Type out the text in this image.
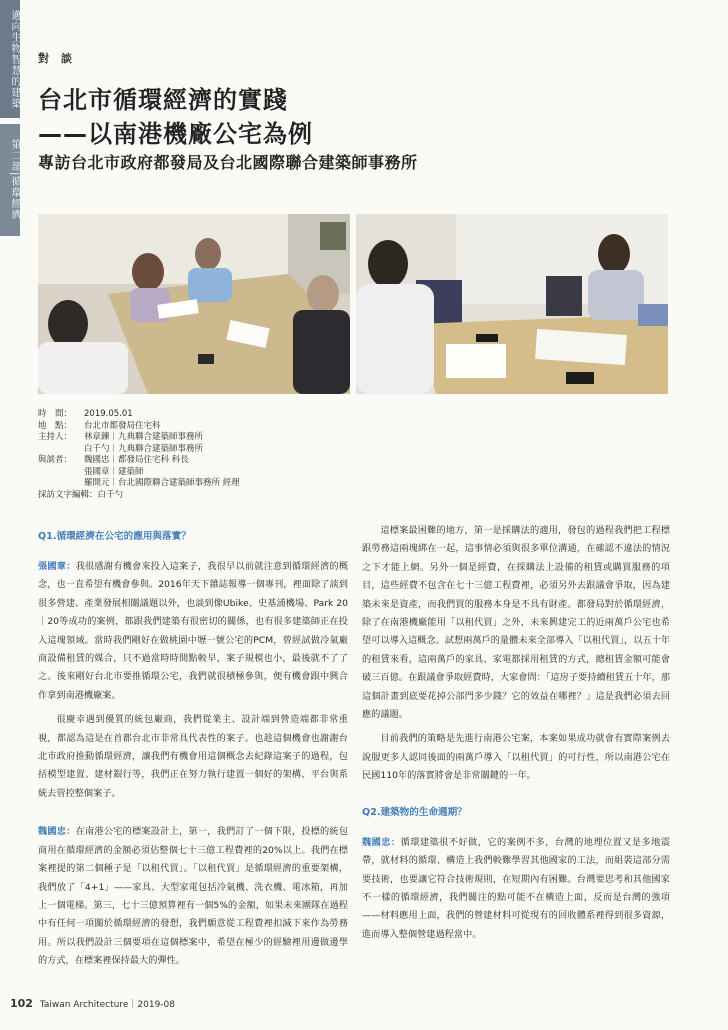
邁向生物智慧的建築
第二部|循環經濟
對 談
台北市循環經濟的實踐
——以南港機廠公宅為例
專訪台北市政府都發局及台北國際聯合建築師事務所
時　間： 2019.05.01
地　點： 台北市都發局住宅科
主持人： 林章鍊｜九典聯合建築師事務所
白千勺｜九典聯合建築師事務所
與談者： 魏國忠｜都發局住宅科 科長
張國章｜建築師
羅開元｜台北國際聯合建築師事務所 經理
採訪文字編輯：白千勺
Q1.循環經濟在公宅的應用與落實？

張國章：我很感謝有機會來投入這案子，我很早以前就注意到循環經濟的概念，也一直希望有機會參與。2016年天下雜誌報導一個專刊，裡面除了談到很多營建、產業發展相關議題以外，也談到像Ubike、史基浦機場、Park 20｜20等成功的案例，都跟我們建築有很密切的關係，也有很多建築師正在投入這塊領域。當時我們剛好在做桃園中壢一號公宅的PCM，曾經試做冷氣廠商設備租賃的媒合，只不過當時時間點較早，案子規模也小，最後就不了了之。後來剛好台北市要推循環公宅，我們就很積極參與，便有機會跟中興合作拿到南港機廠案。

很慶幸遇到優質的統包廠商，我們從業主、設計端到營造端都非常重視，都認為這是在首都台北市非常具代表性的案子。也趁這個機會也謝謝台北市政府推動循環經濟，讓我們有機會用這個概念去紀錄這案子的過程，包括模型建置、建材銀行等，我們正在努力執行建置一個好的架構、平台與系統去管控整個案子。

魏國忠：在南港公宅的標案設計上，第一，我們訂了一個下限，投標的統包商用在循環經濟的金額必須佔整個七十三億工程費裡的20%以上。我們在標案裡提的第二個種子是「以租代買」。「以租代買」是循環經濟的重要架構，我們放了「4+1」——家具、大型家電包括冷氣機、洗衣機、電冰箱，再加上一個電梯。第三，七十三億預算裡有一個5%的金額，如果未來團隊在過程中有任何一項關於循環經濟的發想，我們願意從工程費裡扣減下來作為勞務用。所以我們設計三個要項在這個標案中，希望在極少的經驗裡用邊做邊學的方式，在標案裡保持最大的彈性。

這標案最困難的地方，第一是採購法的適用，發包的過程我們把工程標跟勞務這兩塊綁在一起，這事情必須與很多單位溝通，在確認不違法的情況之下才能上網。另外一個是經費，在採購法上設備的租賃或購買服務的項目，這些經費不包含在七十三億工程費裡，必須另外去跟議會爭取，因為建築未來是資產，而我們買的服務本身是不具有財產。都發局對於循環經濟，除了在南港機廠能用「以租代買」之外，未來興建完工的近兩萬戶公宅也希望可以導入這概念。試想兩萬戶的量體未來全部導入「以租代買」，以五十年的租賃來看，這兩萬戶的家具、家電都採用租賃的方式，總租賃金額可能會破三百億。在跟議會爭取經費時，大家會問：「這房子要持續租賃五十年，那這個計畫到底要花掉公部門多少錢？它的效益在哪裡？」這是我們必須去回應的議題。

目前我們的策略是先進行南港公宅案，本案如果成功就會有實際案例去說服更多人認同後面的兩萬戶導入「以租代買」的可行性，所以南港公宅在民國110年的落實將會是非常關鍵的一年。

Q2.建築物的生命週期？

魏國忠：循環建築很不好做，它的案例不多，台灣的地理位置又是多地震帶，就材料的循環、構造上我們較難學習其他國家的工法，而組裝這部分需要技術，也要讓它符合技術規則，在短期內有困難。台灣要思考和其他國家不一樣的循環經濟，我們關注的點可能不在構造上面，反而是台灣的強項——材料應用上面，我們的營建材料可從現有的回收體系裡得到很多資源，進而導入整個營建過程當中。

102 Taiwan Architecture｜2019-08
